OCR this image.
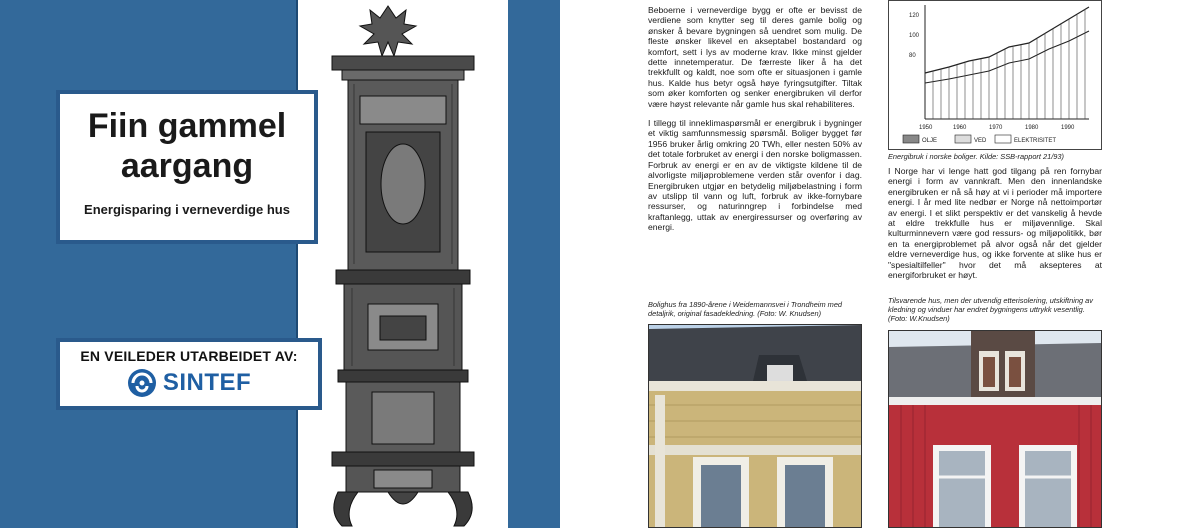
Fiin gammel
aargang
Energisparing i verneverdige hus
EN VEILEDER UTARBEIDET AV:
SINTEF

Beboerne i verneverdige bygg er ofte er bevisst de verdiene som knytter seg til deres gamle bolig og ønsker å bevare bygningen så uendret som mulig. De fleste ønsker likevel en akseptabel bostandard og komfort, sett i lys av moderne krav. Ikke minst gjelder dette innetemperatur. De færreste liker å ha det trekkfullt og kaldt, noe som ofte er situasjonen i gamle hus. Kalde hus betyr også høye fyringsutgifter. Tiltak som øker komforten og senker energibruken vil derfor være høyst relevante når gamle hus skal rehabiliteres.

I tillegg til inneklimaspørsmål er energibruk i bygninger et viktig samfunnsmessig spørsmål. Boliger bygget før 1956 bruker årlig omkring 20 TWh, eller nesten 50% av det totale forbruket av energi i den norske boligmassen. Forbruk av energi er en av de viktigste kildene til de alvorligste miljøproblemene verden står ovenfor i dag. Energibruken utgjør en betydelig miljøbelastning i form av utslipp til vann og luft, forbruk av ikke-fornybare ressurser, og naturinngrep i forbindelse med kraftanlegg, uttak av energiressurser og overføring av energi.

Bolighus fra 1890-årene i Weidemannsvei i Trondheim med detaljrik, original fasadekledning. (Foto: W. Knudsen)
120
100
80
1950	1960	1970	1980	1990
OLJE	VED	ELEKTRISITET
Energibruk i norske boliger. Kilde: SSB-rapport 21/93)

I Norge har vi lenge hatt god tilgang på ren fornybar energi i form av vannkraft. Men den innenlandske energibruken er nå så høy at vi i perioder må importere energi. I år med lite nedbør er Norge nå nettoimportør av energi. I et slikt perspektiv er det vanskelig å hevde at eldre trekkfulle hus er miljøvennlige. Skal kulturminnevern være god ressurs- og miljøpolitikk, bør en ta energiproblemet på alvor også når det gjelder eldre verneverdige hus, og ikke forvente at slike hus er "spesialtilfeller" hvor det må aksepteres at energiforbruket er høyt.

Tilsvarende hus, men der utvendig etterisolering, utskiftning av kledning og vinduer har endret bygningens uttrykk vesentlig. (Foto: W.Knudsen)
